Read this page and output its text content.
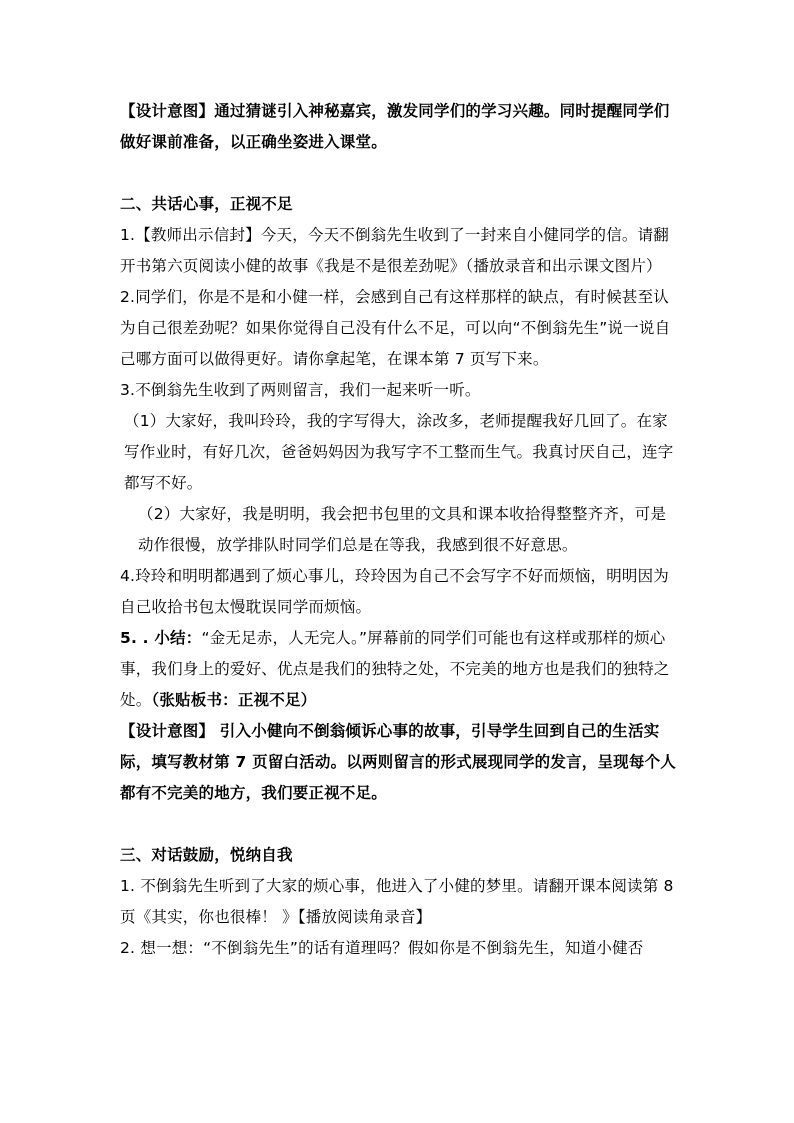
【设计意图】通过猜谜引入神秘嘉宾，激发同学们的学习兴趣。同时提醒同学们做好课前准备，以正确坐姿进入课堂。

二、共话心事，正视不足

1.【教师出示信封】今天，今天不倒翁先生收到了一封来自小健同学的信。请翻开书第六页阅读小健的故事《我是不是很差劲呢》（播放录音和出示课文图片）

2.同学们，你是不是和小健一样，会感到自己有这样那样的缺点，有时候甚至认为自己很差劲呢？如果你觉得自己没有什么不足，可以向“不倒翁先生”说一说自己哪方面可以做得更好。请你拿起笔，在课本第 7 页写下来。

3.不倒翁先生收到了两则留言，我们一起来听一听。

（1）大家好，我叫玲玲，我的字写得大，涂改多，老师提醒我好几回了。在家写作业时，有好几次，爸爸妈妈因为我写字不工整而生气。我真讨厌自己，连字都写不好。

（2）大家好，我是明明，我会把书包里的文具和课本收拾得整整齐齐，可是动作很慢，放学排队时同学们总是在等我，我感到很不好意思。

4.玲玲和明明都遇到了烦心事儿，玲玲因为自己不会写字不好而烦恼，明明因为自己收拾书包太慢耽误同学而烦恼。

5. . 小结：“金无足赤，人无完人。”屏幕前的同学们可能也有这样或那样的烦心事，我们身上的爱好、优点是我们的独特之处，不完美的地方也是我们的独特之处。（张贴板书：正视不足）

【设计意图】 引入小健向不倒翁倾诉心事的故事，引导学生回到自己的生活实际，填写教材第 7 页留白活动。以两则留言的形式展现同学的发言，呈现每个人都有不完美的地方，我们要正视不足。

三、对话鼓励，悦纳自我

1. 不倒翁先生听到了大家的烦心事，他进入了小健的梦里。请翻开课本阅读第 8 页《其实，你也很棒！ 》【播放阅读角录音】

2. 想一想：“不倒翁先生”的话有道理吗？假如你是不倒翁先生，知道小健否
